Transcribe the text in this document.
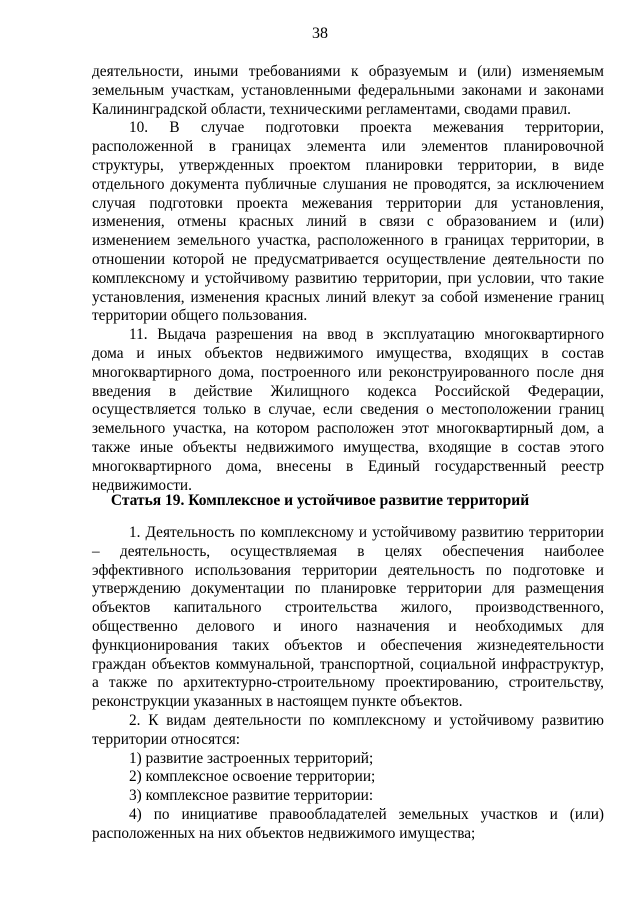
38
деятельности, иными требованиями к образуемым и (или) изменяемым
земельным участкам, установленными федеральными законами и законами
Калининградской области, техническими регламентами, сводами правил.
10. В случае подготовки проекта межевания территории,
расположенной в границах элемента или элементов планировочной
структуры, утвержденных проектом планировки территории, в виде
отдельного документа публичные слушания не проводятся, за исключением
случая подготовки проекта межевания территории для установления,
изменения, отмены красных линий в связи с образованием и (или)
изменением земельного участка, расположенного в границах территории, в
отношении которой не предусматривается осуществление деятельности по
комплексному и устойчивому развитию территории, при условии, что такие
установления, изменения красных линий влекут за собой изменение границ
территории общего пользования.
11. Выдача разрешения на ввод в эксплуатацию многоквартирного
дома и иных объектов недвижимого имущества, входящих в состав
многоквартирного дома, построенного или реконструированного после дня
введения в действие Жилищного кодекса Российской Федерации,
осуществляется только в случае, если сведения о местоположении границ
земельного участка, на котором расположен этот многоквартирный дом, а
также иные объекты недвижимого имущества, входящие в состав этого
многоквартирного дома, внесены в Единый государственный реестр
недвижимости.
Статья 19. Комплексное и устойчивое развитие территорий
1. Деятельность по комплексному и устойчивому развитию территории
– деятельность, осуществляемая в целях обеспечения наиболее
эффективного использования территории деятельность по подготовке и
утверждению документации по планировке территории для размещения
объектов капитального строительства жилого, производственного,
общественно делового и иного назначения и необходимых для
функционирования таких объектов и обеспечения жизнедеятельности
граждан объектов коммунальной, транспортной, социальной инфраструктур,
а также по архитектурно-строительному проектированию, строительству,
реконструкции указанных в настоящем пункте объектов.
2. К видам деятельности по комплексному и устойчивому развитию
территории относятся:
1) развитие застроенных территорий;
2) комплексное освоение территории;
3) комплексное развитие территории:
4) по инициативе правообладателей земельных участков и (или)
расположенных на них объектов недвижимого имущества;
